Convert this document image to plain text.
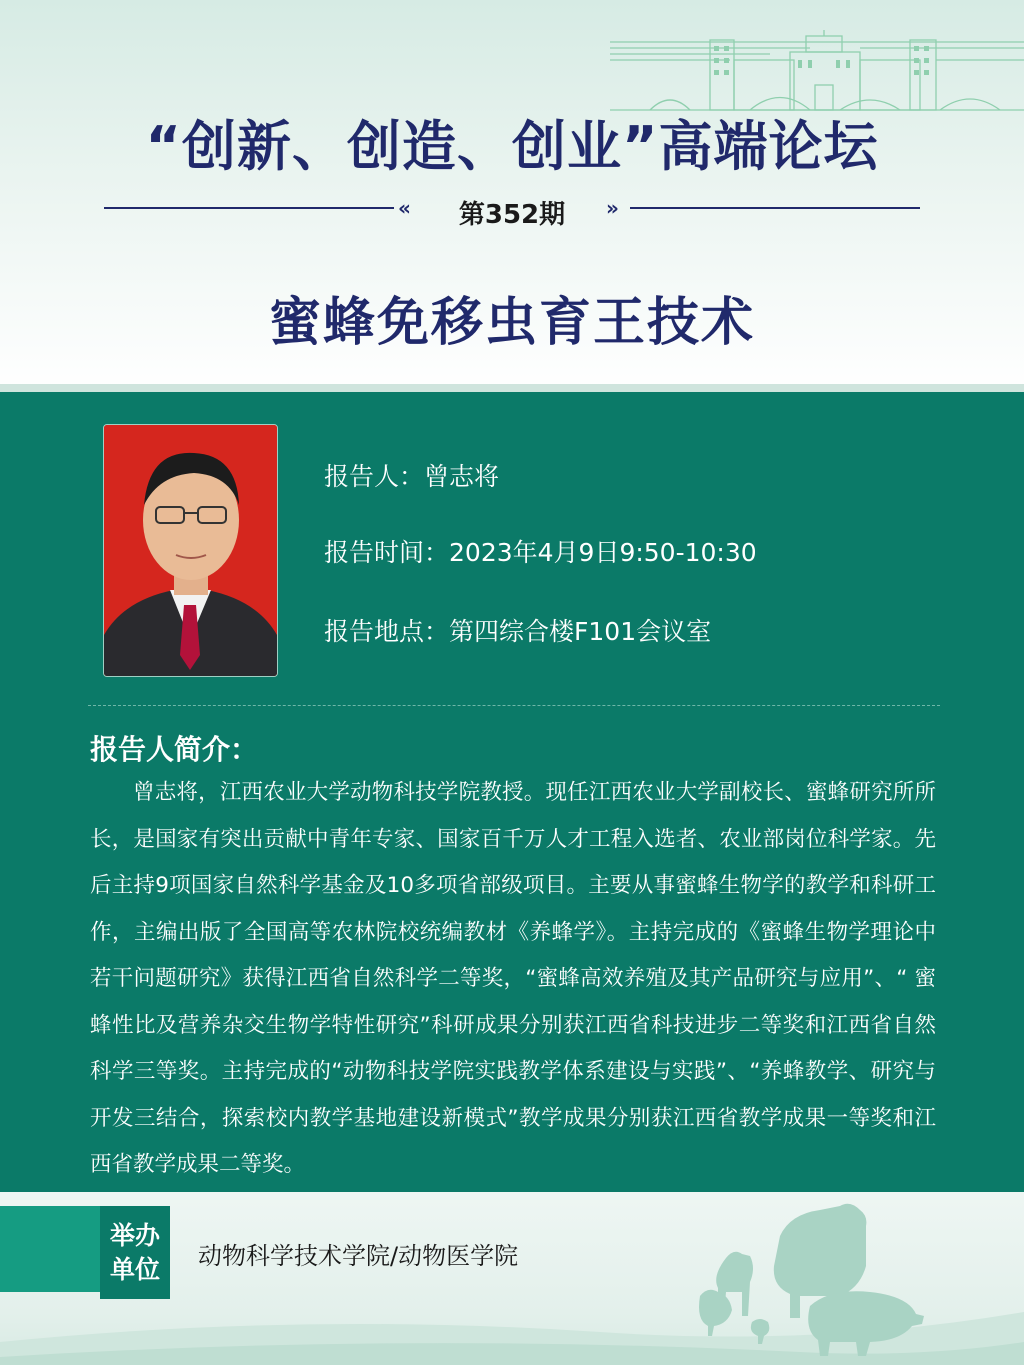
“创新、创造、创业”高端论坛
«	第352期	»
蜜蜂免移虫育王技术
报告人：曾志将
报告时间：2023年4月9日9:50-10:30
报告地点：第四综合楼F101会议室
报告人简介：
曾志将，江西农业大学动物科技学院教授。现任江西农业大学副校长、蜜蜂研究所所长，是国家有突出贡献中青年专家、国家百千万人才工程入选者、农业部岗位科学家。先后主持9项国家自然科学基金及10多项省部级项目。主要从事蜜蜂生物学的教学和科研工作，主编出版了全国高等农林院校统编教材《养蜂学》。主持完成的《蜜蜂生物学理论中若干问题研究》获得江西省自然科学二等奖，“蜜蜂高效养殖及其产品研究与应用”、“ 蜜蜂性比及营养杂交生物学特性研究”科研成果分别获江西省科技进步二等奖和江西省自然科学三等奖。主持完成的“动物科技学院实践教学体系建设与实践”、“养蜂教学、研究与开发三结合，探索校内教学基地建设新模式”教学成果分别获江西省教学成果一等奖和江西省教学成果二等奖。
举办
单位	动物科学技术学院/动物医学院
